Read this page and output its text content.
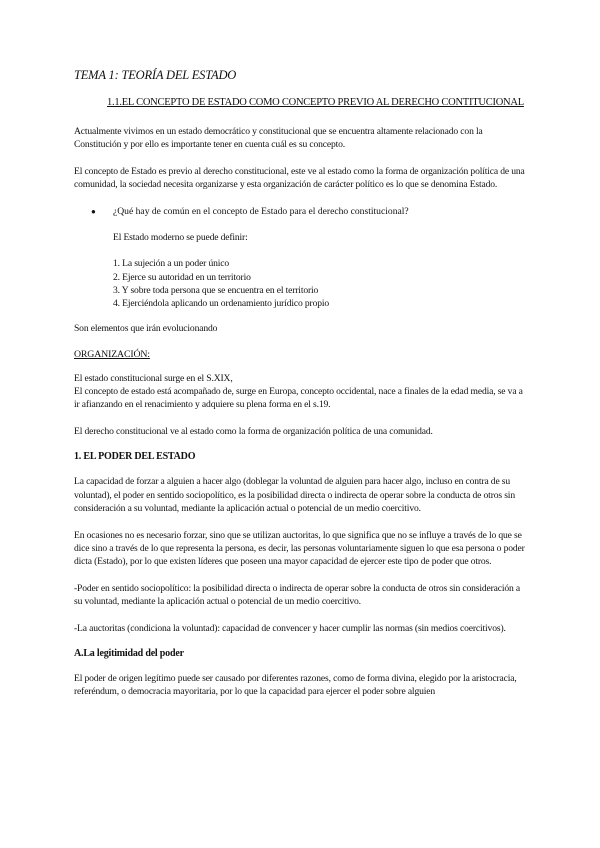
TEMA 1: TEORÍA DEL ESTADO
1.1.EL CONCEPTO DE ESTADO COMO CONCEPTO PREVIO AL DERECHO CONTITUCIONAL
Actualmente vivimos en un estado democrático y constitucional que se encuentra altamente relacionado con la Constitución y por ello es importante tener en cuenta cuál es su concepto.
El concepto de Estado es previo al derecho constitucional, este ve al estado como la forma de organización política de una comunidad, la sociedad necesita organizarse y esta organización de carácter político es lo que se denomina Estado.
●	¿Qué hay de común en el concepto de Estado para el derecho constitucional?
El Estado moderno se puede definir:
1. La sujeción a un poder único
2. Ejerce su autoridad en un territorio
3. Y sobre toda persona que se encuentra en el territorio
4. Ejerciéndola aplicando un ordenamiento jurídico propio
Son elementos que irán evolucionando
ORGANIZACIÓN:
El estado constitucional surge en el S.XIX,
El concepto de estado está acompañado de, surge en Europa, concepto occidental, nace a finales de la edad media, se va a ir afianzando en el renacimiento y adquiere su plena forma en el s.19.
El derecho constitucional ve al estado como la forma de organización política de una comunidad.
1. EL PODER DEL ESTADO
La capacidad de forzar a alguien a hacer algo (doblegar la voluntad de alguien para hacer algo, incluso en contra de su voluntad), el poder en sentido sociopolítico, es la posibilidad directa o indirecta de operar sobre la conducta de otros sin consideración a su voluntad, mediante la aplicación actual o potencial de un medio coercitivo.
En ocasiones no es necesario forzar, sino que se utilizan auctoritas, lo que significa que no se influye a través de lo que se dice sino a través de lo que representa la persona, es decir, las personas voluntariamente siguen lo que esa persona o poder dicta (Estado), por lo que existen líderes que poseen una mayor capacidad de ejercer este tipo de poder que otros.
-Poder en sentido sociopolítico: la posibilidad directa o indirecta de operar sobre la conducta de otros sin consideración a su voluntad, mediante la aplicación actual o potencial de un medio coercitivo.
-La auctoritas (condiciona la voluntad): capacidad de convencer y hacer cumplir las normas (sin medios coercitivos).
A.La legitimidad del poder
El poder de origen legítimo puede ser causado por diferentes razones, como de forma divina, elegido por la aristocracia, referéndum, o democracia mayoritaria, por lo que la capacidad para ejercer el poder sobre alguien
